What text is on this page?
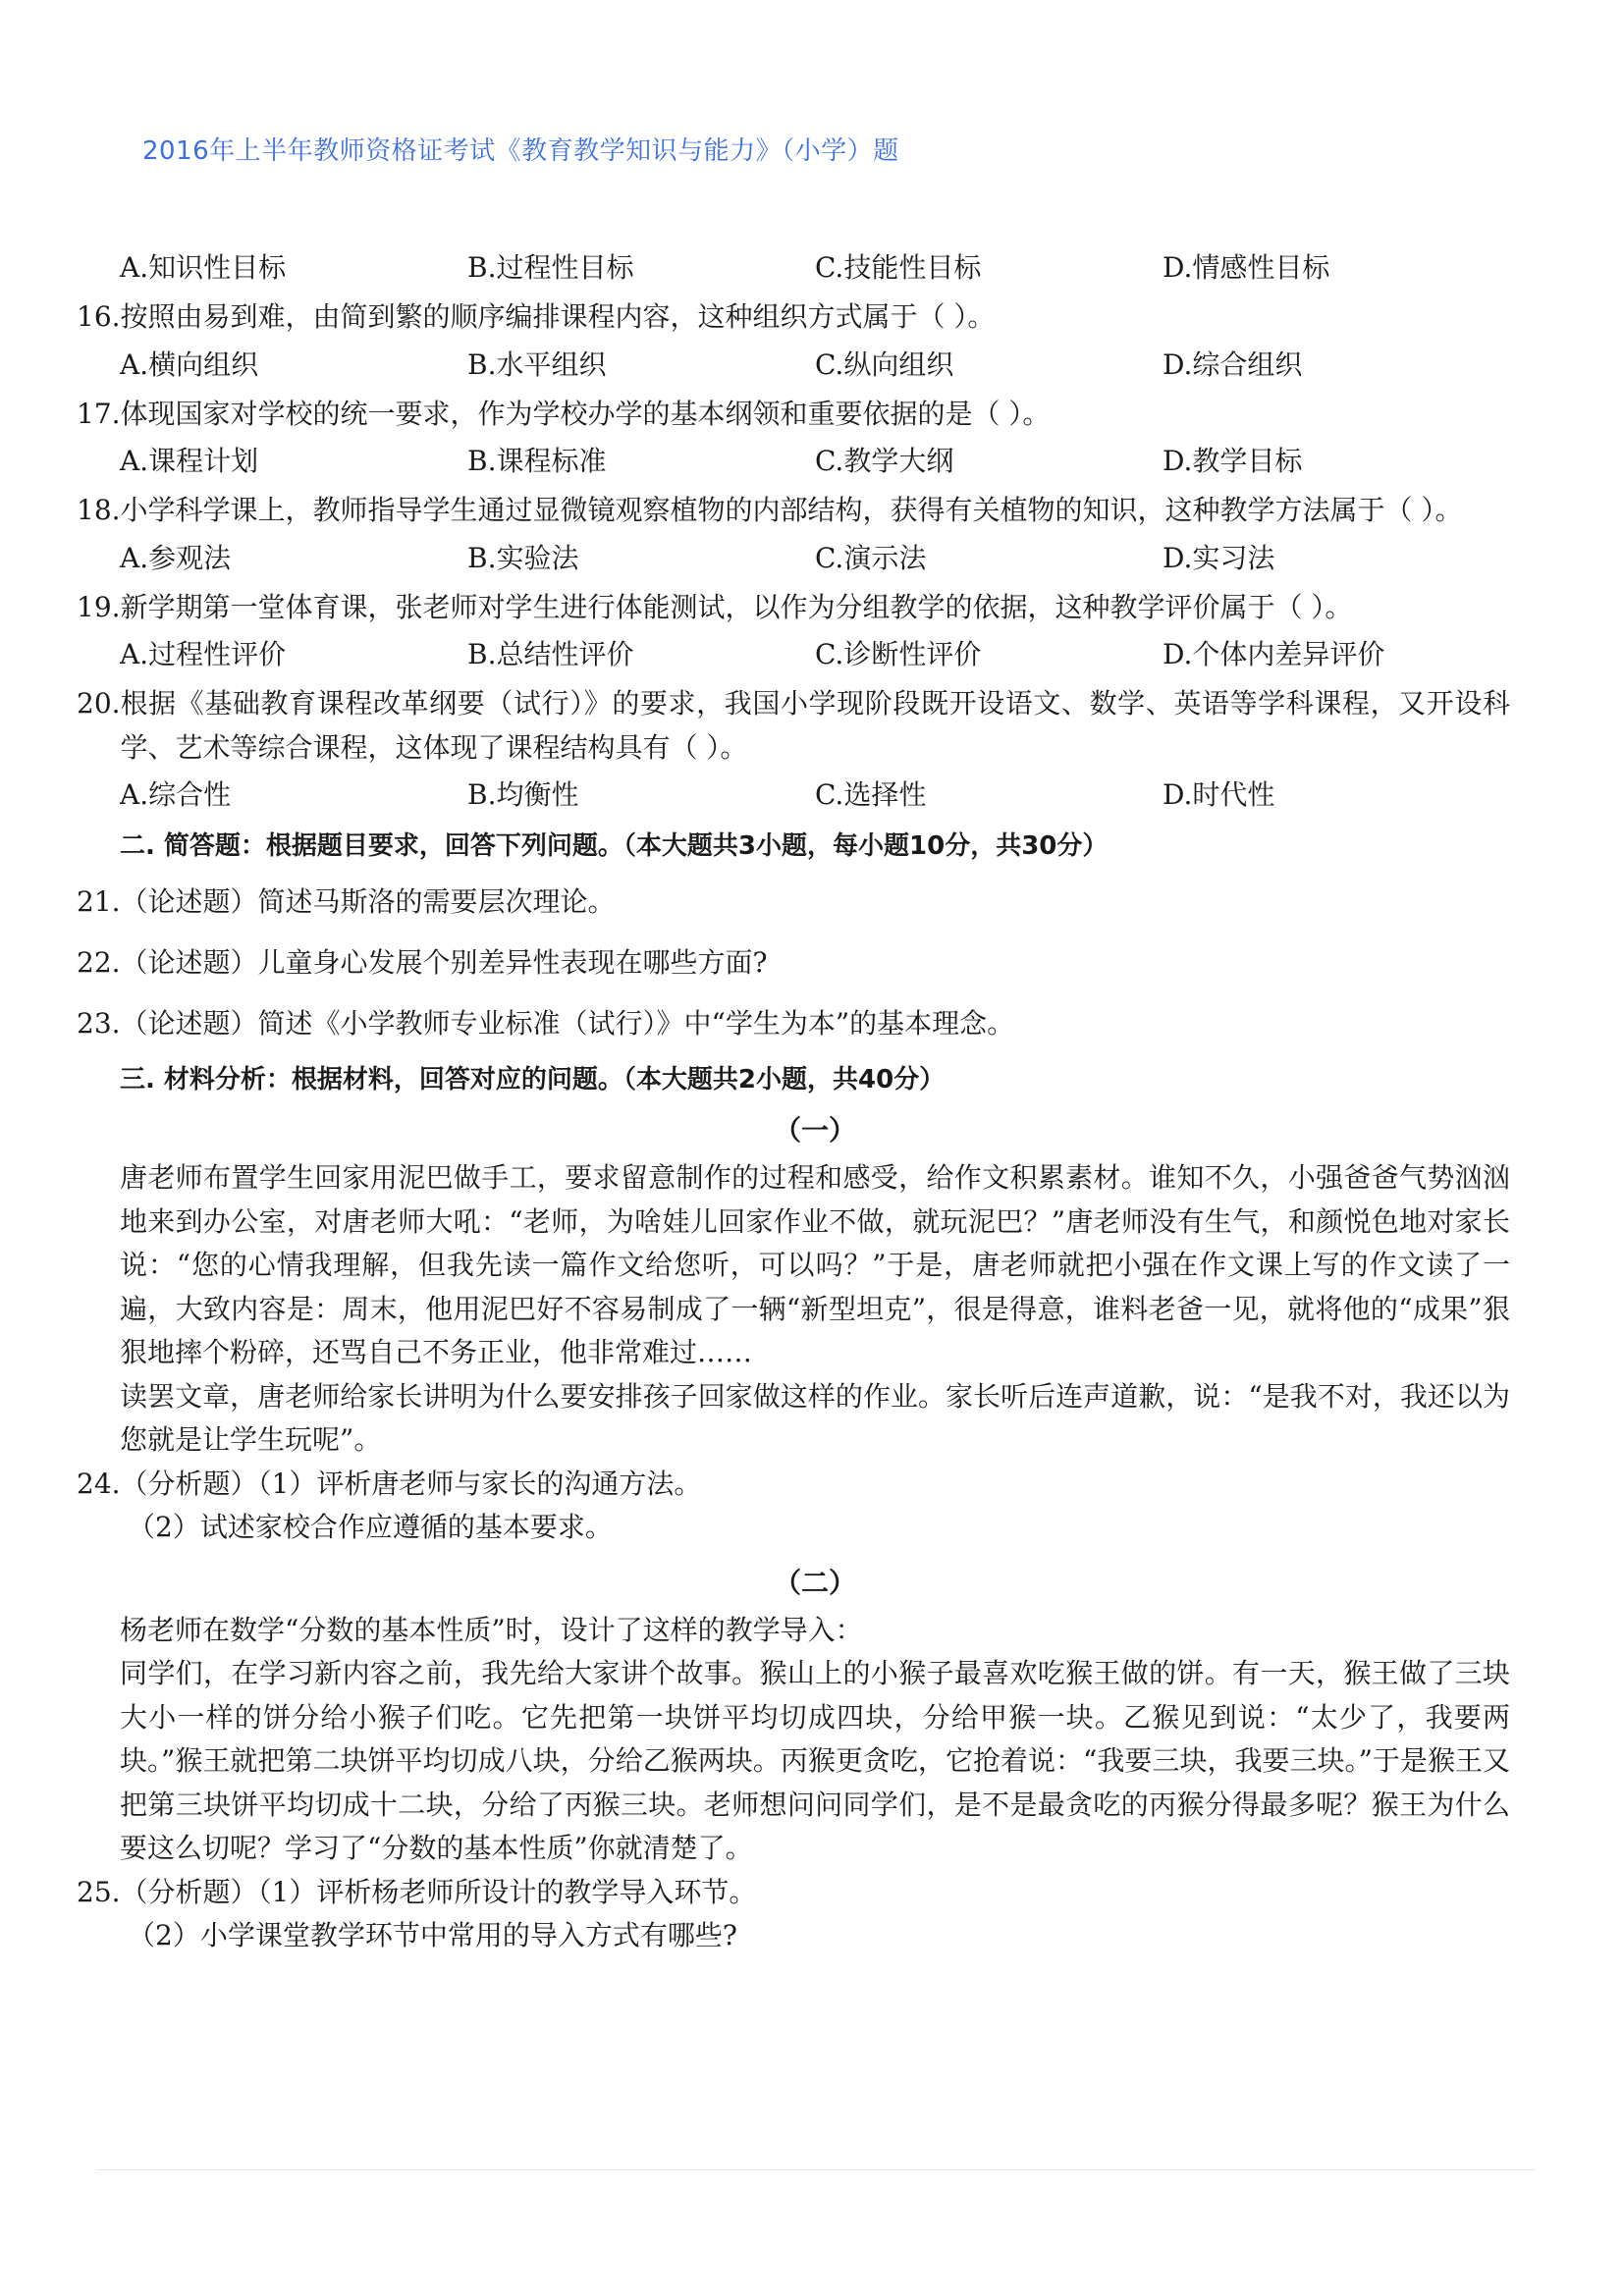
2016年上半年教师资格证考试《教育教学知识与能力》（小学）题
A.知识性目标	B.过程性目标	C.技能性目标	D.情感性目标
16. 按照由易到难，由简到繁的顺序编排课程内容，这种组织方式属于（ ）。
A.横向组织	B.水平组织	C.纵向组织	D.综合组织
17. 体现国家对学校的统一要求，作为学校办学的基本纲领和重要依据的是（ ）。
A.课程计划	B.课程标准	C.教学大纲	D.教学目标
18. 小学科学课上，教师指导学生通过显微镜观察植物的内部结构，获得有关植物的知识，这种教学方法属于（ ）。
A.参观法	B.实验法	C.演示法	D.实习法
19. 新学期第一堂体育课，张老师对学生进行体能测试，以作为分组教学的依据，这种教学评价属于（ ）。
A.过程性评价	B.总结性评价	C.诊断性评价	D.个体内差异评价
20. 根据《基础教育课程改革纲要（试行）》的要求，我国小学现阶段既开设语文、数学、英语等学科课程，又开设科学、艺术等综合课程，这体现了课程结构具有（ ）。
A.综合性	B.均衡性	C.选择性	D.时代性
二. 简答题：根据题目要求，回答下列问题。（本大题共3小题，每小题10分，共30分）
21.（论述题）简述马斯洛的需要层次理论。
22.（论述题）儿童身心发展个别差异性表现在哪些方面?
23.（论述题）简述《小学教师专业标准（试行）》中“学生为本”的基本理念。
三. 材料分析：根据材料，回答对应的问题。（本大题共2小题，共40分）
（一）
唐老师布置学生回家用泥巴做手工，要求留意制作的过程和感受，给作文积累素材。谁知不久，小强爸爸气势汹汹地来到办公室，对唐老师大吼：“老师，为啥娃儿回家作业不做，就玩泥巴？”唐老师没有生气，和颜悦色地对家长说：“您的心情我理解，但我先读一篇作文给您听，可以吗？”于是，唐老师就把小强在作文课上写的作文读了一遍，大致内容是：周末，他用泥巴好不容易制成了一辆“新型坦克”，很是得意，谁料老爸一见，就将他的“成果”狠狠地摔个粉碎，还骂自己不务正业，他非常难过……
读罢文章，唐老师给家长讲明为什么要安排孩子回家做这样的作业。家长听后连声道歉，说：“是我不对，我还以为您就是让学生玩呢”。
24.（分析题）（1）评析唐老师与家长的沟通方法。
（2）试述家校合作应遵循的基本要求。
（二）
杨老师在数学“分数的基本性质”时，设计了这样的教学导入：
同学们，在学习新内容之前，我先给大家讲个故事。猴山上的小猴子最喜欢吃猴王做的饼。有一天，猴王做了三块大小一样的饼分给小猴子们吃。它先把第一块饼平均切成四块，分给甲猴一块。乙猴见到说：“太少了，我要两块。”猴王就把第二块饼平均切成八块，分给乙猴两块。丙猴更贪吃，它抢着说：“我要三块，我要三块。”于是猴王又把第三块饼平均切成十二块，分给了丙猴三块。老师想问问同学们，是不是最贪吃的丙猴分得最多呢？猴王为什么要这么切呢？学习了“分数的基本性质”你就清楚了。
25.（分析题）（1）评析杨老师所设计的教学导入环节。
（2）小学课堂教学环节中常用的导入方式有哪些?
